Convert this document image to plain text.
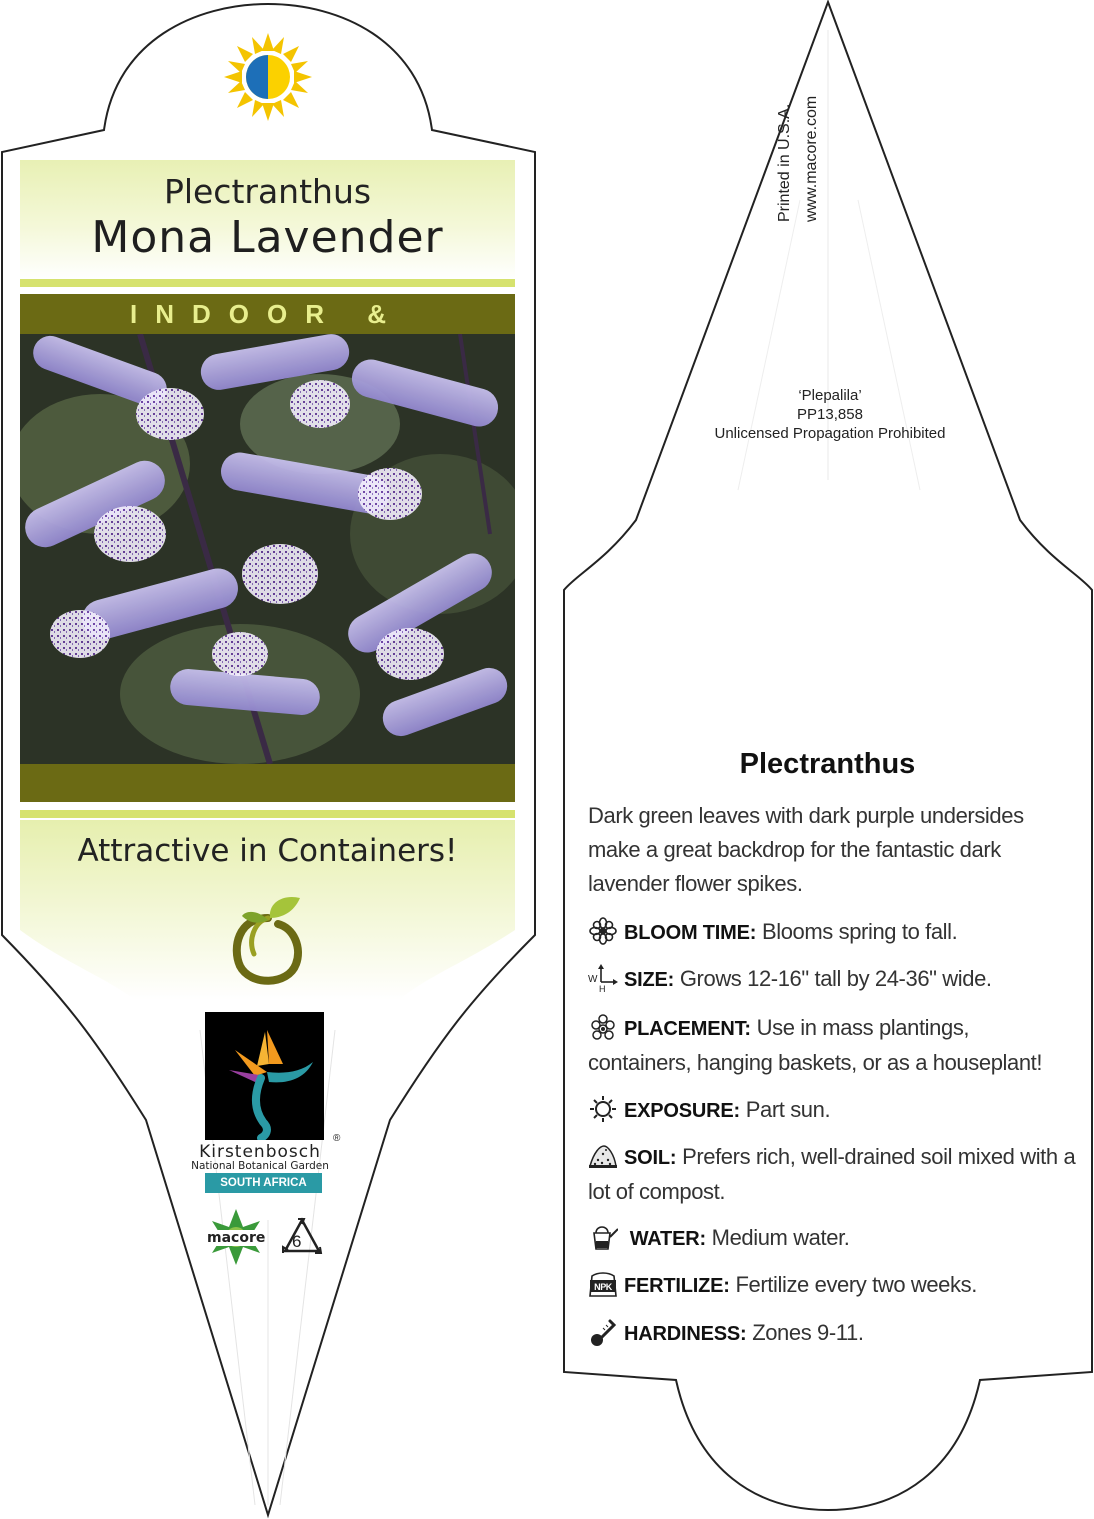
Plectranthus
Mona Lavender
INDOOR &
Attractive in Containers!
Kirstenbosch
®
National Botanical Garden
SOUTH AFRICA
macore 6
Printed in U.S.A. www.macore.com
‘Plepalila’
PP13,858
Unlicensed Propagation Prohibited
Plectranthus
Dark green leaves with dark purple undersides make a great backdrop for the fantastic dark lavender flower spikes.
BLOOM TIME: Blooms spring to fall.
W
H SIZE: Grows 12-16" tall by 24-36" wide.
PLACEMENT: Use in mass plantings, containers, hanging baskets, or as a houseplant!
EXPOSURE: Part sun.
SOIL: Prefers rich, well-drained soil mixed with a lot of compost.
WATER: Medium water.
NPK FERTILIZE: Fertilize every two weeks.
HARDINESS: Zones 9-11.
